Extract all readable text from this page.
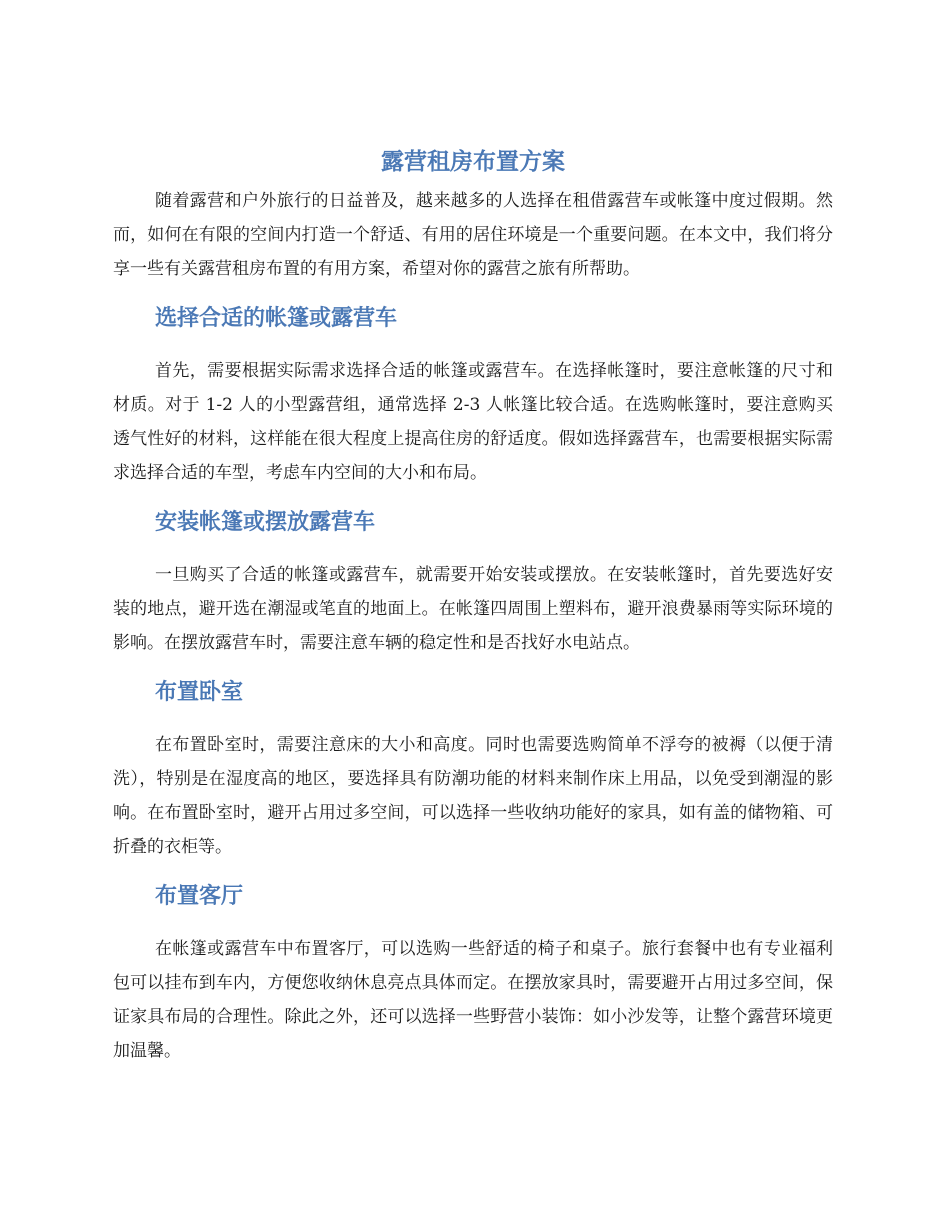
露营租房布置方案

随着露营和户外旅行的日益普及，越来越多的人选择在租借露营车或帐篷中度过假期。然而，如何在有限的空间内打造一个舒适、有用的居住环境是一个重要问题。在本文中，我们将分享一些有关露营租房布置的有用方案，希望对你的露营之旅有所帮助。

选择合适的帐篷或露营车

首先，需要根据实际需求选择合适的帐篷或露营车。在选择帐篷时，要注意帐篷的尺寸和材质。对于 1-2 人的小型露营组，通常选择 2-3 人帐篷比较合适。在选购帐篷时，要注意购买透气性好的材料，这样能在很大程度上提高住房的舒适度。假如选择露营车，也需要根据实际需求选择合适的车型，考虑车内空间的大小和布局。

安装帐篷或摆放露营车

一旦购买了合适的帐篷或露营车，就需要开始安装或摆放。在安装帐篷时，首先要选好安装的地点，避开选在潮湿或笔直的地面上。在帐篷四周围上塑料布，避开浪费暴雨等实际环境的影响。在摆放露营车时，需要注意车辆的稳定性和是否找好水电站点。

布置卧室

在布置卧室时，需要注意床的大小和高度。同时也需要选购简单不浮夸的被褥（以便于清洗），特别是在湿度高的地区，要选择具有防潮功能的材料来制作床上用品，以免受到潮湿的影响。在布置卧室时，避开占用过多空间，可以选择一些收纳功能好的家具，如有盖的储物箱、可折叠的衣柜等。

布置客厅

在帐篷或露营车中布置客厅，可以选购一些舒适的椅子和桌子。旅行套餐中也有专业福利包可以挂布到车内，方便您收纳休息亮点具体而定。在摆放家具时，需要避开占用过多空间，保证家具布局的合理性。除此之外，还可以选择一些野营小装饰：如小沙发等，让整个露营环境更加温馨。
